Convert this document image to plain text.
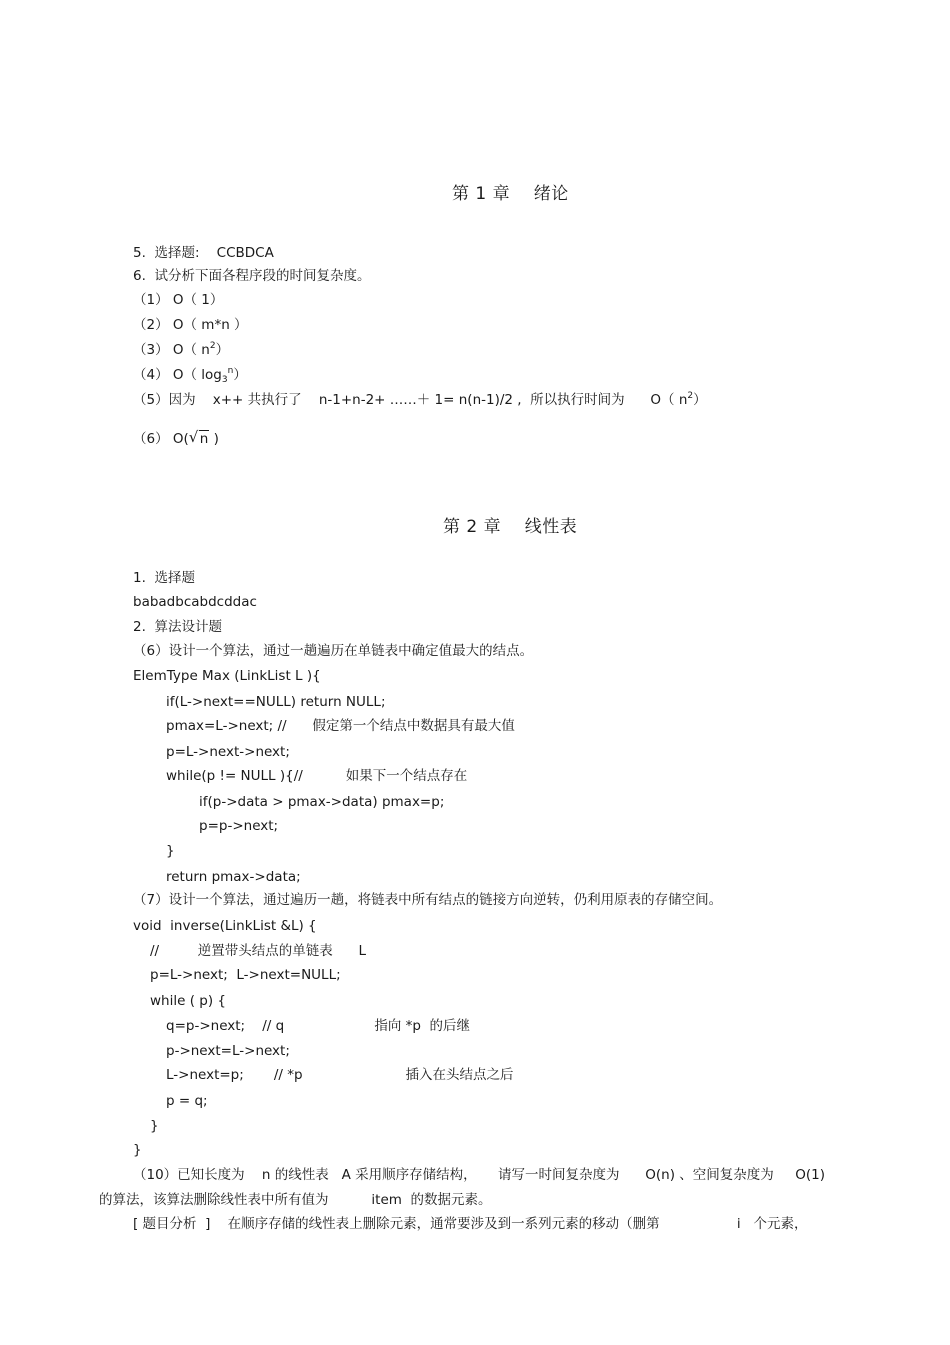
第 1 章    绪论
5.  选择题:    CCBDCA
6.  试分析下面各程序段的时间复杂度。
（1） O（ 1）
（2） O（ m*n ）
（3） O（ $n^2$）
（4） O（ $\log_3^n$）
（5）因为    x++ 共执行了    n-1+n-2+ ……＋ 1= n(n-1)/2 ,  所以执行时间为      O（ $n^2$）
（6） O( √ n )
第 2 章    线性表
1.  选择题
babadbcabdcddac
2.  算法设计题
（6）设计一个算法，通过一趟遍历在单链表中确定值最大的结点。
ElemType Max (LinkList L ){
if(L->next==NULL) return NULL;
pmax=L->next; //      假定第一个结点中数据具有最大值
p=L->next->next;
while(p != NULL ){//          如果下一个结点存在
if(p->data > pmax->data) pmax=p;
p=p->next;
}
return pmax->data;
（7）设计一个算法，通过遍历一趟，将链表中所有结点的链接方向逆转，仍利用原表的存储空间。
void  inverse(LinkList &L) {
//         逆置带头结点的单链表      L
p=L->next;  L->next=NULL;
while ( p) {
q=p->next;    // q                     指向 *p  的后继
p->next=L->next;
L->next=p;       // *p                        插入在头结点之后
p = q;
}
}
（10）已知长度为    n 的线性表   A 采用顺序存储结构，     请写一时间复杂度为      O(n) 、空间复杂度为     O(1)
的算法，该算法删除线性表中所有值为          item  的数据元素。
[ 题目分析  ]    在顺序存储的线性表上删除元素，通常要涉及到一系列元素的移动（删第                  i   个元素，
